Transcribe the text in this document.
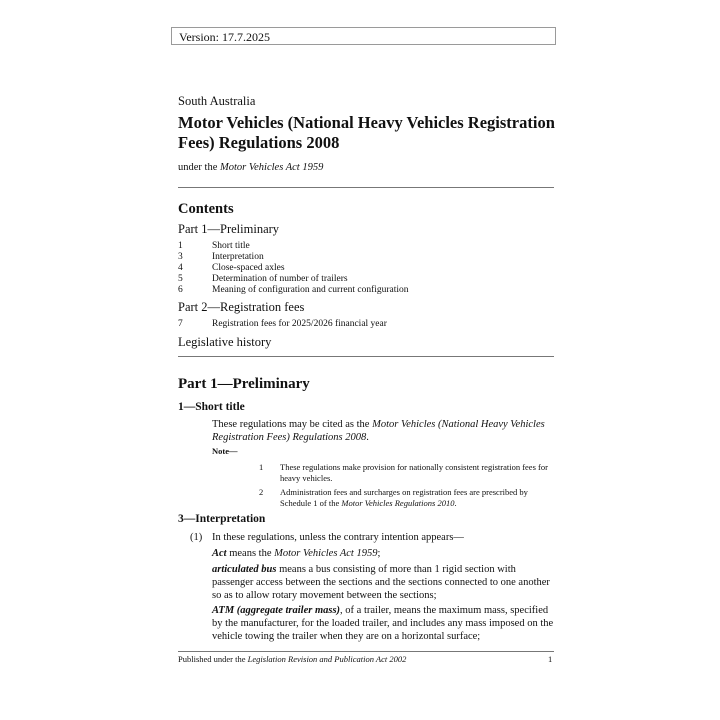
Version: 17.7.2025
South Australia
Motor Vehicles (National Heavy Vehicles Registration Fees) Regulations 2008
under the Motor Vehicles Act 1959
Contents
Part 1—Preliminary
1	Short title
3	Interpretation
4	Close-spaced axles
5	Determination of number of trailers
6	Meaning of configuration and current configuration
Part 2—Registration fees
7	Registration fees for 2025/2026 financial year
Legislative history
Part 1—Preliminary
1—Short title
These regulations may be cited as the Motor Vehicles (National Heavy Vehicles Registration Fees) Regulations 2008.
Note—
1 These regulations make provision for nationally consistent registration fees for heavy vehicles.
2 Administration fees and surcharges on registration fees are prescribed by Schedule 1 of the Motor Vehicles Regulations 2010.
3—Interpretation
(1) In these regulations, unless the contrary intention appears—
Act means the Motor Vehicles Act 1959;
articulated bus means a bus consisting of more than 1 rigid section with passenger access between the sections and the sections connected to one another so as to allow rotary movement between the sections;
ATM (aggregate trailer mass), of a trailer, means the maximum mass, specified by the manufacturer, for the loaded trailer, and includes any mass imposed on the vehicle towing the trailer when they are on a horizontal surface;
Published under the Legislation Revision and Publication Act 2002	1
